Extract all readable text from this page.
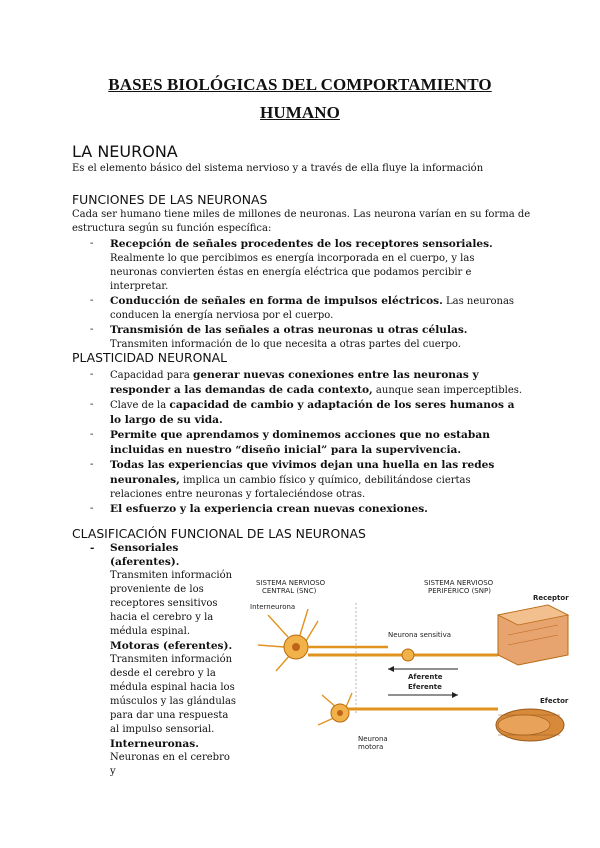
BASES BIOLÓGICAS DEL COMPORTAMIENTO
HUMANO
LA NEURONA
Es el elemento básico del sistema nervioso y a través de ella fluye la información
FUNCIONES DE LAS NEURONAS
Cada ser humano tiene miles de millones de neuronas. Las neurona varían en su forma de estructura según su función específica:
- Recepción de señales procedentes de los receptores sensoriales. Realmente lo que percibimos es energía incorporada en el cuerpo, y las neuronas convierten éstas en energía eléctrica que podamos percibir e interpretar.
- Conducción de señales en forma de impulsos eléctricos. Las neuronas conducen la energía nerviosa por el cuerpo.
- Transmisión de las señales a otras neuronas u otras células. Transmiten información de lo que necesita a otras partes del cuerpo.
PLASTICIDAD NEURONAL
- Capacidad para generar nuevas conexiones entre las neuronas y responder a las demandas de cada contexto, aunque sean imperceptibles.
- Clave de la capacidad de cambio y adaptación de los seres humanos a lo largo de su vida.
- Permite que aprendamos y dominemos acciones que no estaban incluidas en nuestro “diseño inicial” para la supervivencia.
- Todas las experiencias que vivimos dejan una huella en las redes neuronales, implica un cambio físico y químico, debilitándose ciertas relaciones entre neuronas y fortaleciéndose otras.
- El esfuerzo y la experiencia crean nuevas conexiones.
CLASIFICACIÓN FUNCIONAL DE LAS NEURONAS
- Sensoriales (aferentes).
Transmiten información proveniente de los receptores sensitivos hacia el cerebro y la médula espinal.
Motoras (eferentes).
Transmiten información desde el cerebro y la médula espinal hacia los músculos y las glándulas para dar una respuesta al impulso sensorial.
Interneuronas.
Neuronas en el cerebro y
SISTEMA NERVIOSO
CENTRAL (SNC)
SISTEMA NERVIOSO
PERIFÉRICO (SNP)
Interneurona
Neurona sensitiva
Receptor
Aferente
Eferente
Efector
Neurona
motora
